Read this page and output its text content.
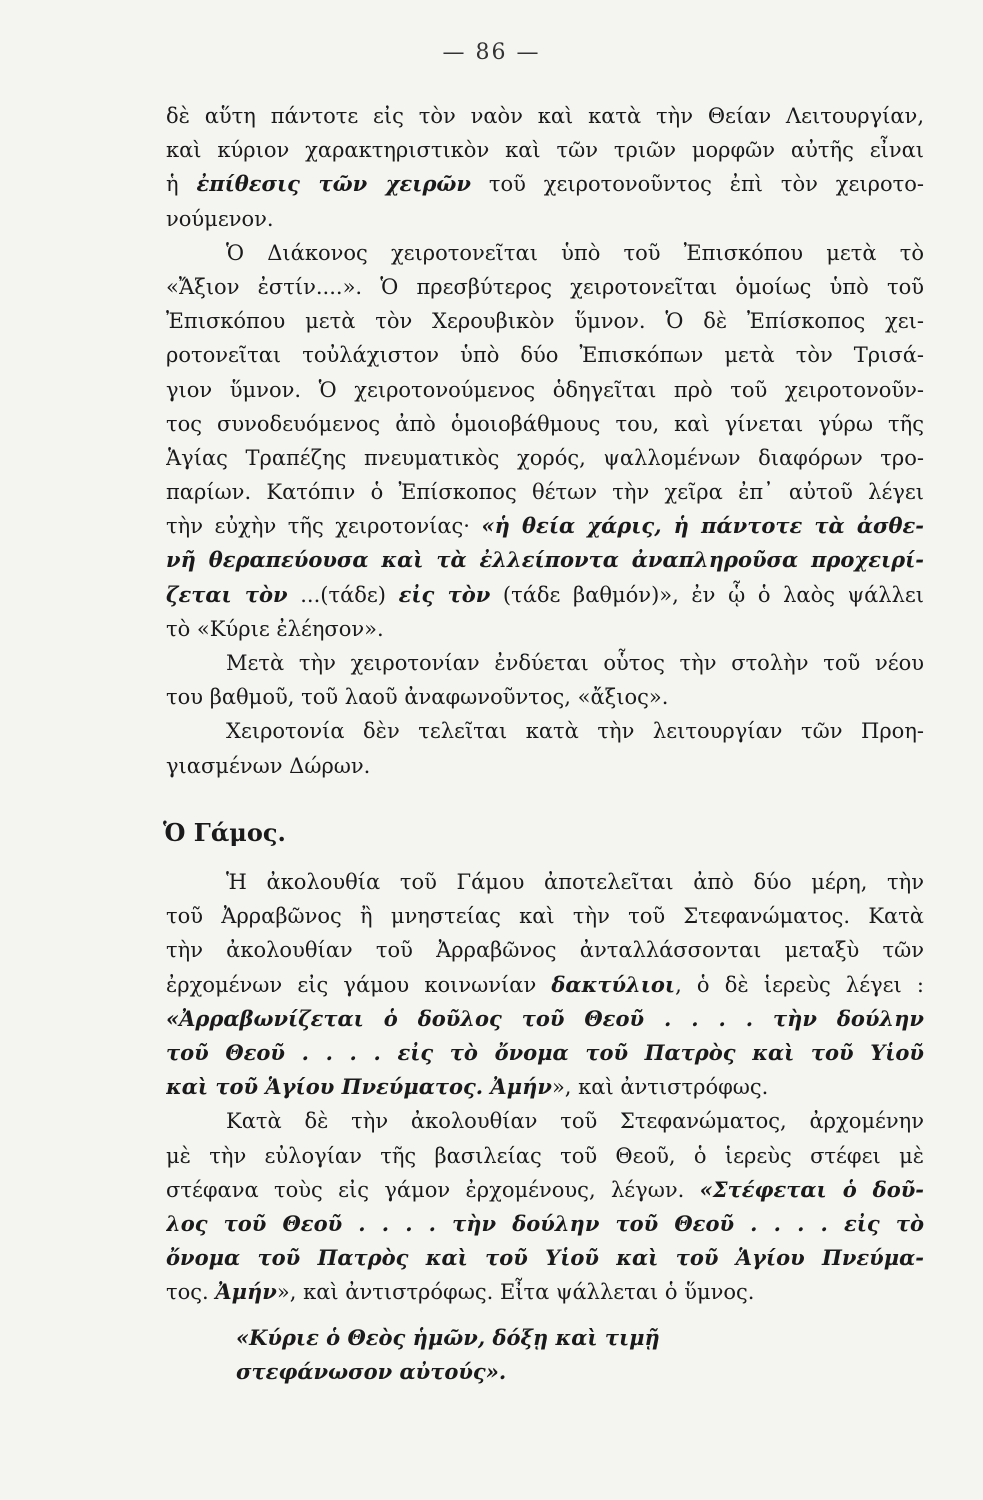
— 86 —
δὲ αὕτη πάντοτε εἰς τὸν ναὸν καὶ κατὰ τὴν Θείαν Λειτουργίαν,
καὶ κύριον χαρακτηριστικὸν καὶ τῶν τριῶν μορφῶν αὐτῆς εἶναι
ἡ ἐπίθεσις τῶν χειρῶν τοῦ χειροτονοῦντος ἐπὶ τὸν χειροτο-
νούμενον.
Ὁ Διάκονος χειροτονεῖται ὑπὸ τοῦ Ἐπισκόπου μετὰ τὸ
«Ἄξιον ἐστίν....». Ὁ πρεσβύτερος χειροτονεῖται ὁμοίως ὑπὸ τοῦ
Ἐπισκόπου μετὰ τὸν Χερουβικὸν ὕμνον. Ὁ δὲ Ἐπίσκοπος χει-
ροτονεῖται τοὐλάχιστον ὑπὸ δύο Ἐπισκόπων μετὰ τὸν Τρισά-
γιον ὕμνον. Ὁ χειροτονούμενος ὁδηγεῖται πρὸ τοῦ χειροτονοῦν-
τος συνοδευόμενος ἀπὸ ὁμοιοβάθμους του, καὶ γίνεται γύρω τῆς
Ἁγίας Τραπέζης πνευματικὸς χορός, ψαλλομένων διαφόρων τρο-
παρίων. Κατόπιν ὁ Ἐπίσκοπος θέτων τὴν χεῖρα ἐπ᾽ αὐτοῦ λέγει
τὴν εὐχὴν τῆς χειροτονίας· «ἡ θεία χάρις, ἡ πάντοτε τὰ ἀσθε-
νῆ θεραπεύουσα καὶ τὰ ἐλλείποντα ἀναπληροῦσα προχειρί-
ζεται τὸν ...(τάδε) εἰς τὸν (τάδε βαθμόν)», ἐν ᾧ ὁ λαὸς ψάλλει
τὸ «Κύριε ἐλέησον».
Μετὰ τὴν χειροτονίαν ἐνδύεται οὗτος τὴν στολὴν τοῦ νέου
του βαθμοῦ, τοῦ λαοῦ ἀναφωνοῦντος, «ἄξιος».
Χειροτονία δὲν τελεῖται κατὰ τὴν λειτουργίαν τῶν Προη-
γιασμένων Δώρων.
Ὁ Γάμος.
Ἡ ἀκολουθία τοῦ Γάμου ἀποτελεῖται ἀπὸ δύο μέρη, τὴν
τοῦ Ἀρραβῶνος ἢ μνηστείας καὶ τὴν τοῦ Στεφανώματος. Κατὰ
τὴν ἀκολουθίαν τοῦ Ἀρραβῶνος ἀνταλλάσσονται μεταξὺ τῶν
ἐρχομένων εἰς γάμου κοινωνίαν δακτύλιοι, ὁ δὲ ἱερεὺς λέγει :
«Ἀρραβωνίζεται ὁ δοῦλος τοῦ Θεοῦ . . . . τὴν δούλην
τοῦ Θεοῦ . . . . εἰς τὸ ὄνομα τοῦ Πατρὸς καὶ τοῦ Υἱοῦ
καὶ τοῦ Ἁγίου Πνεύματος. Ἀμήν», καὶ ἀντιστρόφως.
Κατὰ δὲ τὴν ἀκολουθίαν τοῦ Στεφανώματος, ἀρχομένην
μὲ τὴν εὐλογίαν τῆς βασιλείας τοῦ Θεοῦ, ὁ ἱερεὺς στέφει μὲ
στέφανα τοὺς εἰς γάμον ἐρχομένους, λέγων. «Στέφεται ὁ δοῦ-
λος τοῦ Θεοῦ . . . . τὴν δούλην τοῦ Θεοῦ . . . . εἰς τὸ
ὄνομα τοῦ Πατρὸς καὶ τοῦ Υἱοῦ καὶ τοῦ Ἁγίου Πνεύμα-
τος. Ἀμήν», καὶ ἀντιστρόφως. Εἶτα ψάλλεται ὁ ὕμνος.
«Κύριε ὁ Θεὸς ἡμῶν, δόξῃ καὶ τιμῇ
στεφάνωσον αὐτούς».
